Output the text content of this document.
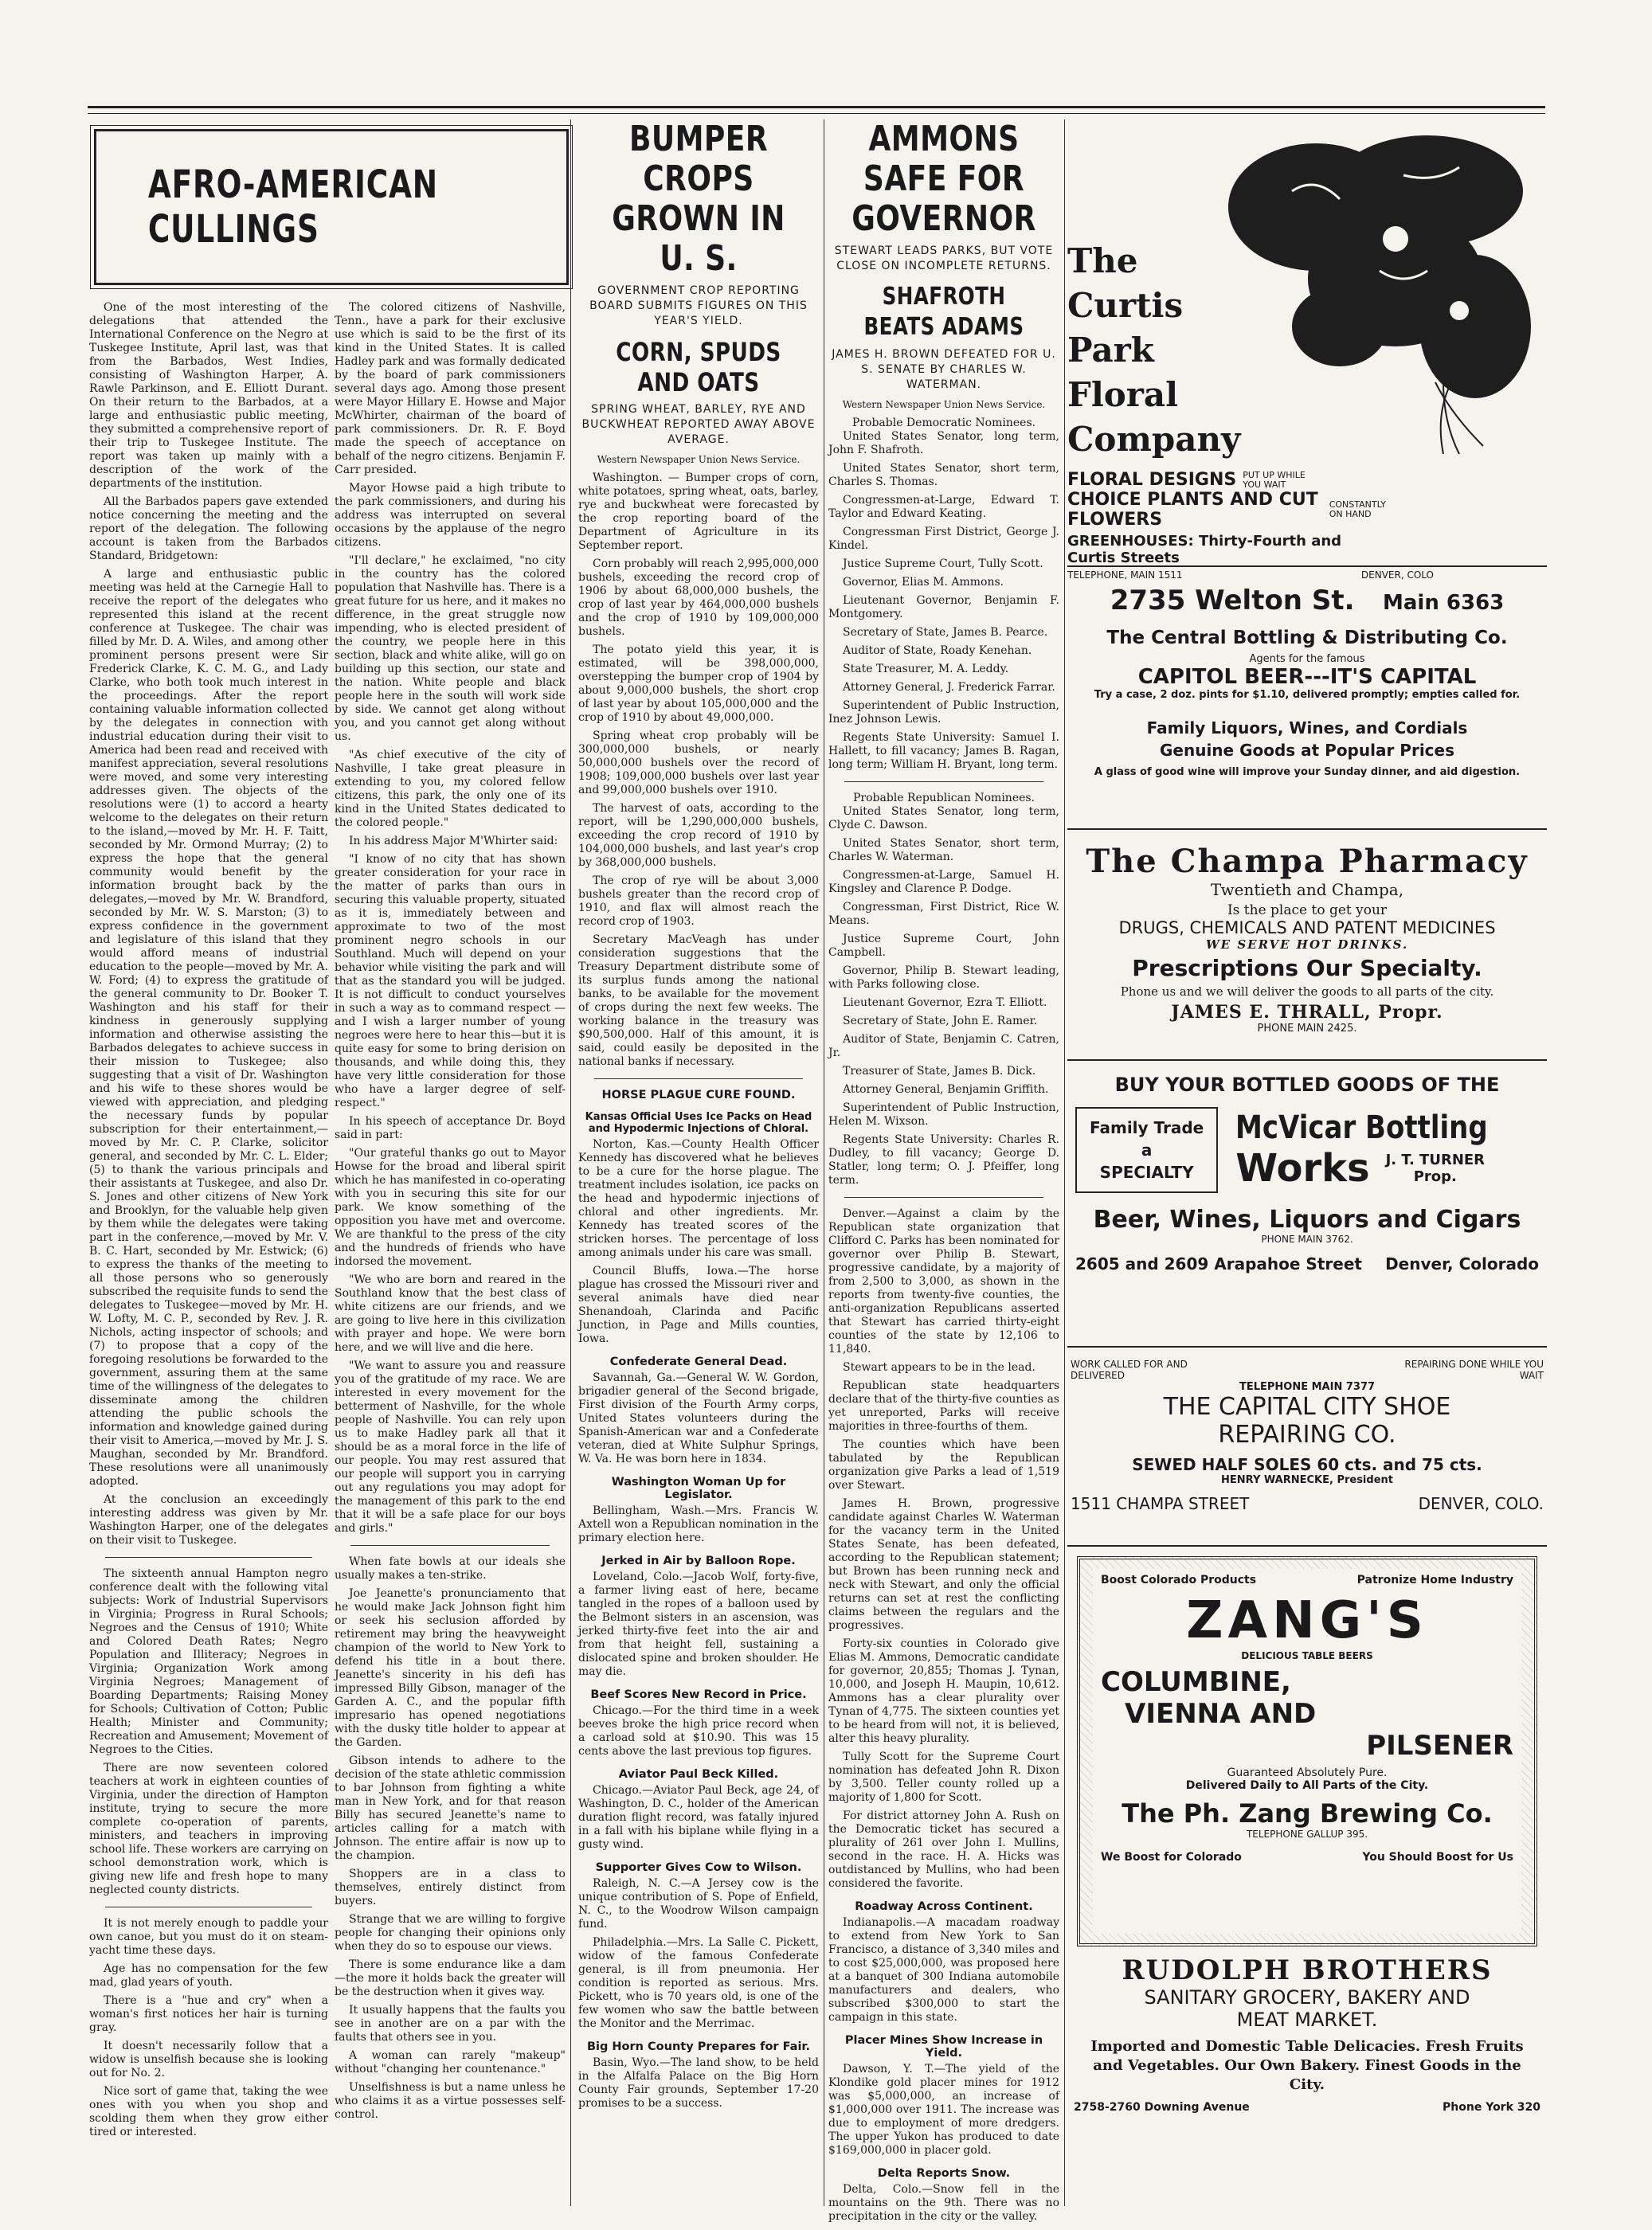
AFRO-AMERICAN CULLINGS

One of the most interesting of the delegations that attended the International Conference on the Negro at Tuskegee Institute, April last, was that from the Barbados, West Indies, consisting of Washington Harper, A. Rawle Parkinson, and E. Elliott Durant. On their return to the Barbados, at a large and enthusiastic public meeting, they submitted a comprehensive report of their trip to Tuskegee Institute. The report was taken up mainly with a description of the work of the departments of the institution.

All the Barbados papers gave extended notice concerning the meeting and the report of the delegation. The following account is taken from the Barbados Standard, Bridgetown:

A large and enthusiastic public meeting was held at the Carnegie Hall to receive the report of the delegates who represented this island at the recent conference at Tuskegee. The chair was filled by Mr. D. A. Wiles, and among other prominent persons present were Sir Frederick Clarke, K. C. M. G., and Lady Clarke, who both took much interest in the proceedings. After the report containing valuable information collected by the delegates in connection with industrial education during their visit to America had been read and received with manifest appreciation, several resolutions were moved, and some very interesting addresses given. The objects of the resolutions were (1) to accord a hearty welcome to the delegates on their return to the island,—moved by Mr. H. F. Taitt, seconded by Mr. Ormond Murray; (2) to express the hope that the general community would benefit by the information brought back by the delegates,—moved by Mr. W. Brandford, seconded by Mr. W. S. Marston; (3) to express confidence in the government and legislature of this island that they would afford means of industrial education to the people—moved by Mr. A. W. Ford; (4) to express the gratitude of the general community to Dr. Booker T. Washington and his staff for their kindness in generously supplying information and otherwise assisting the Barbados delegates to achieve success in their mission to Tuskegee; also suggesting that a visit of Dr. Washington and his wife to these shores would be viewed with appreciation, and pledging the necessary funds by popular subscription for their entertainment,—moved by Mr. C. P. Clarke, solicitor general, and seconded by Mr. C. L. Elder; (5) to thank the various principals and their assistants at Tuskegee, and also Dr. S. Jones and other citizens of New York and Brooklyn, for the valuable help given by them while the delegates were taking part in the conference,—moved by Mr. V. B. C. Hart, seconded by Mr. Estwick; (6) to express the thanks of the meeting to all those persons who so generously subscribed the requisite funds to send the delegates to Tuskegee—moved by Mr. H. W. Lofty, M. C. P., seconded by Rev. J. R. Nichols, acting inspector of schools; and (7) to propose that a copy of the foregoing resolutions be forwarded to the government, assuring them at the same time of the willingness of the delegates to disseminate among the children attending the public schools the information and knowledge gained during their visit to America,—moved by Mr. J. S. Maughan, seconded by Mr. Brandford. These resolutions were all unanimously adopted.

At the conclusion an exceedingly interesting address was given by Mr. Washington Harper, one of the delegates on their visit to Tuskegee.

The sixteenth annual Hampton negro conference dealt with the following vital subjects: Work of Industrial Supervisors in Virginia; Progress in Rural Schools; Negroes and the Census of 1910; White and Colored Death Rates; Negro Population and Illiteracy; Negroes in Virginia; Organization Work among Virginia Negroes; Management of Boarding Departments; Raising Money for Schools; Cultivation of Cotton; Public Health; Minister and Community; Recreation and Amusement; Movement of Negroes to the Cities.

There are now seventeen colored teachers at work in eighteen counties of Virginia, under the direction of Hampton institute, trying to secure the more complete co-operation of parents, ministers, and teachers in improving school life. These workers are carrying on school demonstration work, which is giving new life and fresh hope to many neglected county districts.

It is not merely enough to paddle your own canoe, but you must do it on steam-yacht time these days.

Age has no compensation for the few mad, glad years of youth.

There is a "hue and cry" when a woman's first notices her hair is turning gray.

It doesn't necessarily follow that a widow is unselfish because she is looking out for No. 2.

Nice sort of game that, taking the wee ones with you when you shop and scolding them when they grow either tired or interested.

The colored citizens of Nashville, Tenn., have a park for their exclusive use which is said to be the first of its kind in the United States. It is called Hadley park and was formally dedicated by the board of park commissioners several days ago. Among those present were Mayor Hillary E. Howse and Major McWhirter, chairman of the board of park commissioners. Dr. R. F. Boyd made the speech of acceptance on behalf of the negro citizens. Benjamin F. Carr presided.

Mayor Howse paid a high tribute to the park commissioners, and during his address was interrupted on several occasions by the applause of the negro citizens.

"I'll declare," he exclaimed, "no city in the country has the colored population that Nashville has. There is a great future for us here, and it makes no difference, in the great struggle now impending, who is elected president of the country, we people here in this section, black and white alike, will go on building up this section, our state and the nation. White people and black people here in the south will work side by side. We cannot get along without you, and you cannot get along without us.

"As chief executive of the city of Nashville, I take great pleasure in extending to you, my colored fellow citizens, this park, the only one of its kind in the United States dedicated to the colored people."

In his address Major M'Whirter said:

"I know of no city that has shown greater consideration for your race in the matter of parks than ours in securing this valuable property, situated as it is, immediately between and approximate to two of the most prominent negro schools in our Southland. Much will depend on your behavior while visiting the park and will that as the standard you will be judged. It is not difficult to conduct yourselves in such a way as to command respect —and I wish a larger number of young negroes were here to hear this—but it is quite easy for some to bring derision on thousands, and while doing this, they have very little consideration for those who have a larger degree of self-respect."

In his speech of acceptance Dr. Boyd said in part:

"Our grateful thanks go out to Mayor Howse for the broad and liberal spirit which he has manifested in co-operating with you in securing this site for our park. We know something of the opposition you have met and overcome. We are thankful to the press of the city and the hundreds of friends who have indorsed the movement.

"We who are born and reared in the Southland know that the best class of white citizens are our friends, and we are going to live here in this civilization with prayer and hope. We were born here, and we will live and die here.

"We want to assure you and reassure you of the gratitude of my race. We are interested in every movement for the betterment of Nashville, for the whole people of Nashville. You can rely upon us to make Hadley park all that it should be as a moral force in the life of our people. You may rest assured that our people will support you in carrying out any regulations you may adopt for the management of this park to the end that it will be a safe place for our boys and girls."

When fate bowls at our ideals she usually makes a ten-strike.

Joe Jeanette's pronunciamento that he would make Jack Johnson fight him or seek his seclusion afforded by retirement may bring the heavyweight champion of the world to New York to defend his title in a bout there. Jeanette's sincerity in his defi has impressed Billy Gibson, manager of the Garden A. C., and the popular fifth impresario has opened negotiations with the dusky title holder to appear at the Garden.

Gibson intends to adhere to the decision of the state athletic commission to bar Johnson from fighting a white man in New York, and for that reason Billy has secured Jeanette's name to articles calling for a match with Johnson. The entire affair is now up to the champion.

Shoppers are in a class to themselves, entirely distinct from buyers.

Strange that we are willing to forgive people for changing their opinions only when they do so to espouse our views.

There is some endurance like a dam —the more it holds back the greater will be the destruction when it gives way.

It usually happens that the faults you see in another are on a par with the faults that others see in you.

A woman can rarely "makeup" without "changing her countenance."

Unselfishness is but a name unless he who claims it as a virtue possesses self-control.

BUMPER CROPS GROWN IN U. S.
GOVERNMENT CROP REPORTING BOARD SUBMITS FIGURES ON THIS YEAR'S YIELD.
CORN, SPUDS AND OATS
SPRING WHEAT, BARLEY, RYE AND BUCKWHEAT REPORTED AWAY ABOVE AVERAGE.
Western Newspaper Union News Service.

Washington. — Bumper crops of corn, white potatoes, spring wheat, oats, barley, rye and buckwheat were forecasted by the crop reporting board of the Department of Agriculture in its September report.

Corn probably will reach 2,995,000,000 bushels, exceeding the record crop of 1906 by about 68,000,000 bushels, the crop of last year by 464,000,000 bushels and the crop of 1910 by 109,000,000 bushels.

The potato yield this year, it is estimated, will be 398,000,000, overstepping the bumper crop of 1904 by about 9,000,000 bushels, the short crop of last year by about 105,000,000 and the crop of 1910 by about 49,000,000.

Spring wheat crop probably will be 300,000,000 bushels, or nearly 50,000,000 bushels over the record of 1908; 109,000,000 bushels over last year and 99,000,000 bushels over 1910.

The harvest of oats, according to the report, will be 1,290,000,000 bushels, exceeding the crop record of 1910 by 104,000,000 bushels, and last year's crop by 368,000,000 bushels.

The crop of rye will be about 3,000 bushels greater than the record crop of 1910, and flax will almost reach the record crop of 1903.

Secretary MacVeagh has under consideration suggestions that the Treasury Department distribute some of its surplus funds among the national banks, to be available for the movement of crops during the next few weeks. The working balance in the treasury was $90,500,000. Half of this amount, it is said, could easily be deposited in the national banks if necessary.

HORSE PLAGUE CURE FOUND.
Kansas Official Uses Ice Packs on Head and Hypodermic Injections of Chloral.

Norton, Kas.—County Health Officer Kennedy has discovered what he believes to be a cure for the horse plague. The treatment includes isolation, ice packs on the head and hypodermic injections of chloral and other ingredients. Mr. Kennedy has treated scores of the stricken horses. The percentage of loss among animals under his care was small.

Council Bluffs, Iowa.—The horse plague has crossed the Missouri river and several animals have died near Shenandoah, Clarinda and Pacific Junction, in Page and Mills counties, Iowa.

Confederate General Dead.

Savannah, Ga.—General W. W. Gordon, brigadier general of the Second brigade, First division of the Fourth Army corps, United States volunteers during the Spanish-American war and a Confederate veteran, died at White Sulphur Springs, W. Va. He was born here in 1834.

Washington Woman Up for Legislator.

Bellingham, Wash.—Mrs. Francis W. Axtell won a Republican nomination in the primary election here.

Jerked in Air by Balloon Rope.

Loveland, Colo.—Jacob Wolf, forty-five, a farmer living east of here, became tangled in the ropes of a balloon used by the Belmont sisters in an ascension, was jerked thirty-five feet into the air and from that height fell, sustaining a dislocated spine and broken shoulder. He may die.

Beef Scores New Record in Price.

Chicago.—For the third time in a week beeves broke the high price record when a carload sold at $10.90. This was 15 cents above the last previous top figures.

Aviator Paul Beck Killed.

Chicago.—Aviator Paul Beck, age 24, of Washington, D. C., holder of the American duration flight record, was fatally injured in a fall with his biplane while flying in a gusty wind.

Supporter Gives Cow to Wilson.

Raleigh, N. C.—A Jersey cow is the unique contribution of S. Pope of Enfield, N. C., to the Woodrow Wilson campaign fund.

Philadelphia.—Mrs. La Salle C. Pickett, widow of the famous Confederate general, is ill from pneumonia. Her condition is reported as serious. Mrs. Pickett, who is 70 years old, is one of the few women who saw the battle between the Monitor and the Merrimac.

Big Horn County Prepares for Fair.

Basin, Wyo.—The land show, to be held in the Alfalfa Palace on the Big Horn County Fair grounds, September 17-20 promises to be a success.

AMMONS SAFE FOR GOVERNOR
STEWART LEADS PARKS, BUT VOTE CLOSE ON INCOMPLETE RETURNS.
SHAFROTH BEATS ADAMS
JAMES H. BROWN DEFEATED FOR U. S. SENATE BY CHARLES W. WATERMAN.
Western Newspaper Union News Service.
Probable Democratic Nominees.

United States Senator, long term, John F. Shafroth.

United States Senator, short term, Charles S. Thomas.

Congressmen-at-Large, Edward T. Taylor and Edward Keating.

Congressman First District, George J. Kindel.

Justice Supreme Court, Tully Scott.

Governor, Elias M. Ammons.

Lieutenant Governor, Benjamin F. Montgomery.

Secretary of State, James B. Pearce.

Auditor of State, Roady Kenehan.

State Treasurer, M. A. Leddy.

Attorney General, J. Frederick Farrar.

Superintendent of Public Instruction, Inez Johnson Lewis.

Regents State University: Samuel I. Hallett, to fill vacancy; James B. Ragan, long term; William H. Bryant, long term.

Probable Republican Nominees.

United States Senator, long term, Clyde C. Dawson.

United States Senator, short term, Charles W. Waterman.

Congressmen-at-Large, Samuel H. Kingsley and Clarence P. Dodge.

Congressman, First District, Rice W. Means.

Justice Supreme Court, John Campbell.

Governor, Philip B. Stewart leading, with Parks following close.

Lieutenant Governor, Ezra T. Elliott.

Secretary of State, John E. Ramer.

Auditor of State, Benjamin C. Catren, Jr.

Treasurer of State, James B. Dick.

Attorney General, Benjamin Griffith.

Superintendent of Public Instruction, Helen M. Wixson.

Regents State University: Charles R. Dudley, to fill vacancy; George D. Statler, long term; O. J. Pfeiffer, long term.

Denver.—Against a claim by the Republican state organization that Clifford C. Parks has been nominated for governor over Philip B. Stewart, progressive candidate, by a majority of from 2,500 to 3,000, as shown in the reports from twenty-five counties, the anti-organization Republicans asserted that Stewart has carried thirty-eight counties of the state by 12,106 to 11,840.

Stewart appears to be in the lead.

Republican state headquarters declare that of the thirty-five counties as yet unreported, Parks will receive majorities in three-fourths of them.

The counties which have been tabulated by the Republican organization give Parks a lead of 1,519 over Stewart.

James H. Brown, progressive candidate against Charles W. Waterman for the vacancy term in the United States Senate, has been defeated, according to the Republican statement; but Brown has been running neck and neck with Stewart, and only the official returns can set at rest the conflicting claims between the regulars and the progressives.

Forty-six counties in Colorado give Elias M. Ammons, Democratic candidate for governor, 20,855; Thomas J. Tynan, 10,000, and Joseph H. Maupin, 10,612. Ammons has a clear plurality over Tynan of 4,775. The sixteen counties yet to be heard from will not, it is believed, alter this heavy plurality.

Tully Scott for the Supreme Court nomination has defeated John R. Dixon by 3,500. Teller county rolled up a majority of 1,800 for Scott.

For district attorney John A. Rush on the Democratic ticket has secured a plurality of 261 over John I. Mullins, second in the race. H. A. Hicks was outdistanced by Mullins, who had been considered the favorite.

Roadway Across Continent.

Indianapolis.—A macadam roadway to extend from New York to San Francisco, a distance of 3,340 miles and to cost $25,000,000, was proposed here at a banquet of 300 Indiana automobile manufacturers and dealers, who subscribed $300,000 to start the campaign in this state.

Placer Mines Show Increase in Yield.

Dawson, Y. T.—The yield of the Klondike gold placer mines for 1912 was $5,000,000, an increase of $1,000,000 over 1911. The increase was due to employment of more dredgers. The upper Yukon has produced to date $169,000,000 in placer gold.

Delta Reports Snow.

Delta, Colo.—Snow fell in the mountains on the 9th. There was no precipitation in the city or the valley.

The
Curtis
Park
Floral
Company
FLORAL DESIGNS PUT UP WHILE YOU WAIT
CHOICE PLANTS AND CUT FLOWERS
CONSTANTLY ON HAND
GREENHOUSES: Thirty-Fourth and Curtis Streets
TELEPHONE, MAIN 1511	DENVER, COLO
2735 Welton St. Main 6363
The Central Bottling & Distributing Co.
Agents for the famous
CAPITOL BEER---IT'S CAPITAL
Try a case, 2 doz. pints for $1.10, delivered promptly; empties called for.
Family Liquors, Wines, and Cordials
Genuine Goods at Popular Prices
A glass of good wine will improve your Sunday dinner, and aid digestion.
The Champa Pharmacy
Twentieth and Champa,
Is the place to get your
DRUGS, CHEMICALS AND PATENT MEDICINES
WE SERVE HOT DRINKS.
Prescriptions Our Specialty.
Phone us and we will deliver the goods to all parts of the city.
JAMES E. THRALL, Propr.
PHONE MAIN 2425.
BUY YOUR BOTTLED GOODS OF THE
Family Trade
a
SPECIALTY
McVicar Bottling
Works J. T. TURNER
Prop.
Beer, Wines, Liquors and Cigars
PHONE MAIN 3762.
2605 and 2609 Arapahoe Street Denver, Colorado
WORK CALLED FOR AND DELIVERED
REPAIRING DONE WHILE YOU WAIT
TELEPHONE MAIN 7377
THE CAPITAL CITY SHOE
REPAIRING CO.
SEWED HALF SOLES 60 cts. and 75 cts.
HENRY WARNECKE, President
1511 CHAMPA STREET	DENVER, COLO.
Boost Colorado Products	Patronize Home Industry
ZANG'S
DELICIOUS TABLE BEERS
COLUMBINE,
VIENNA AND
PILSENER
Guaranteed Absolutely Pure.
Delivered Daily to All Parts of the City.
The Ph. Zang Brewing Co.
TELEPHONE GALLUP 395.
We Boost for Colorado	You Should Boost for Us
RUDOLPH BROTHERS
SANITARY GROCERY, BAKERY AND
MEAT MARKET.
Imported and Domestic Table Delicacies. Fresh Fruits and Vegetables. Our Own Bakery. Finest Goods in the City.
2758-2760 Downing Avenue	Phone York 320
